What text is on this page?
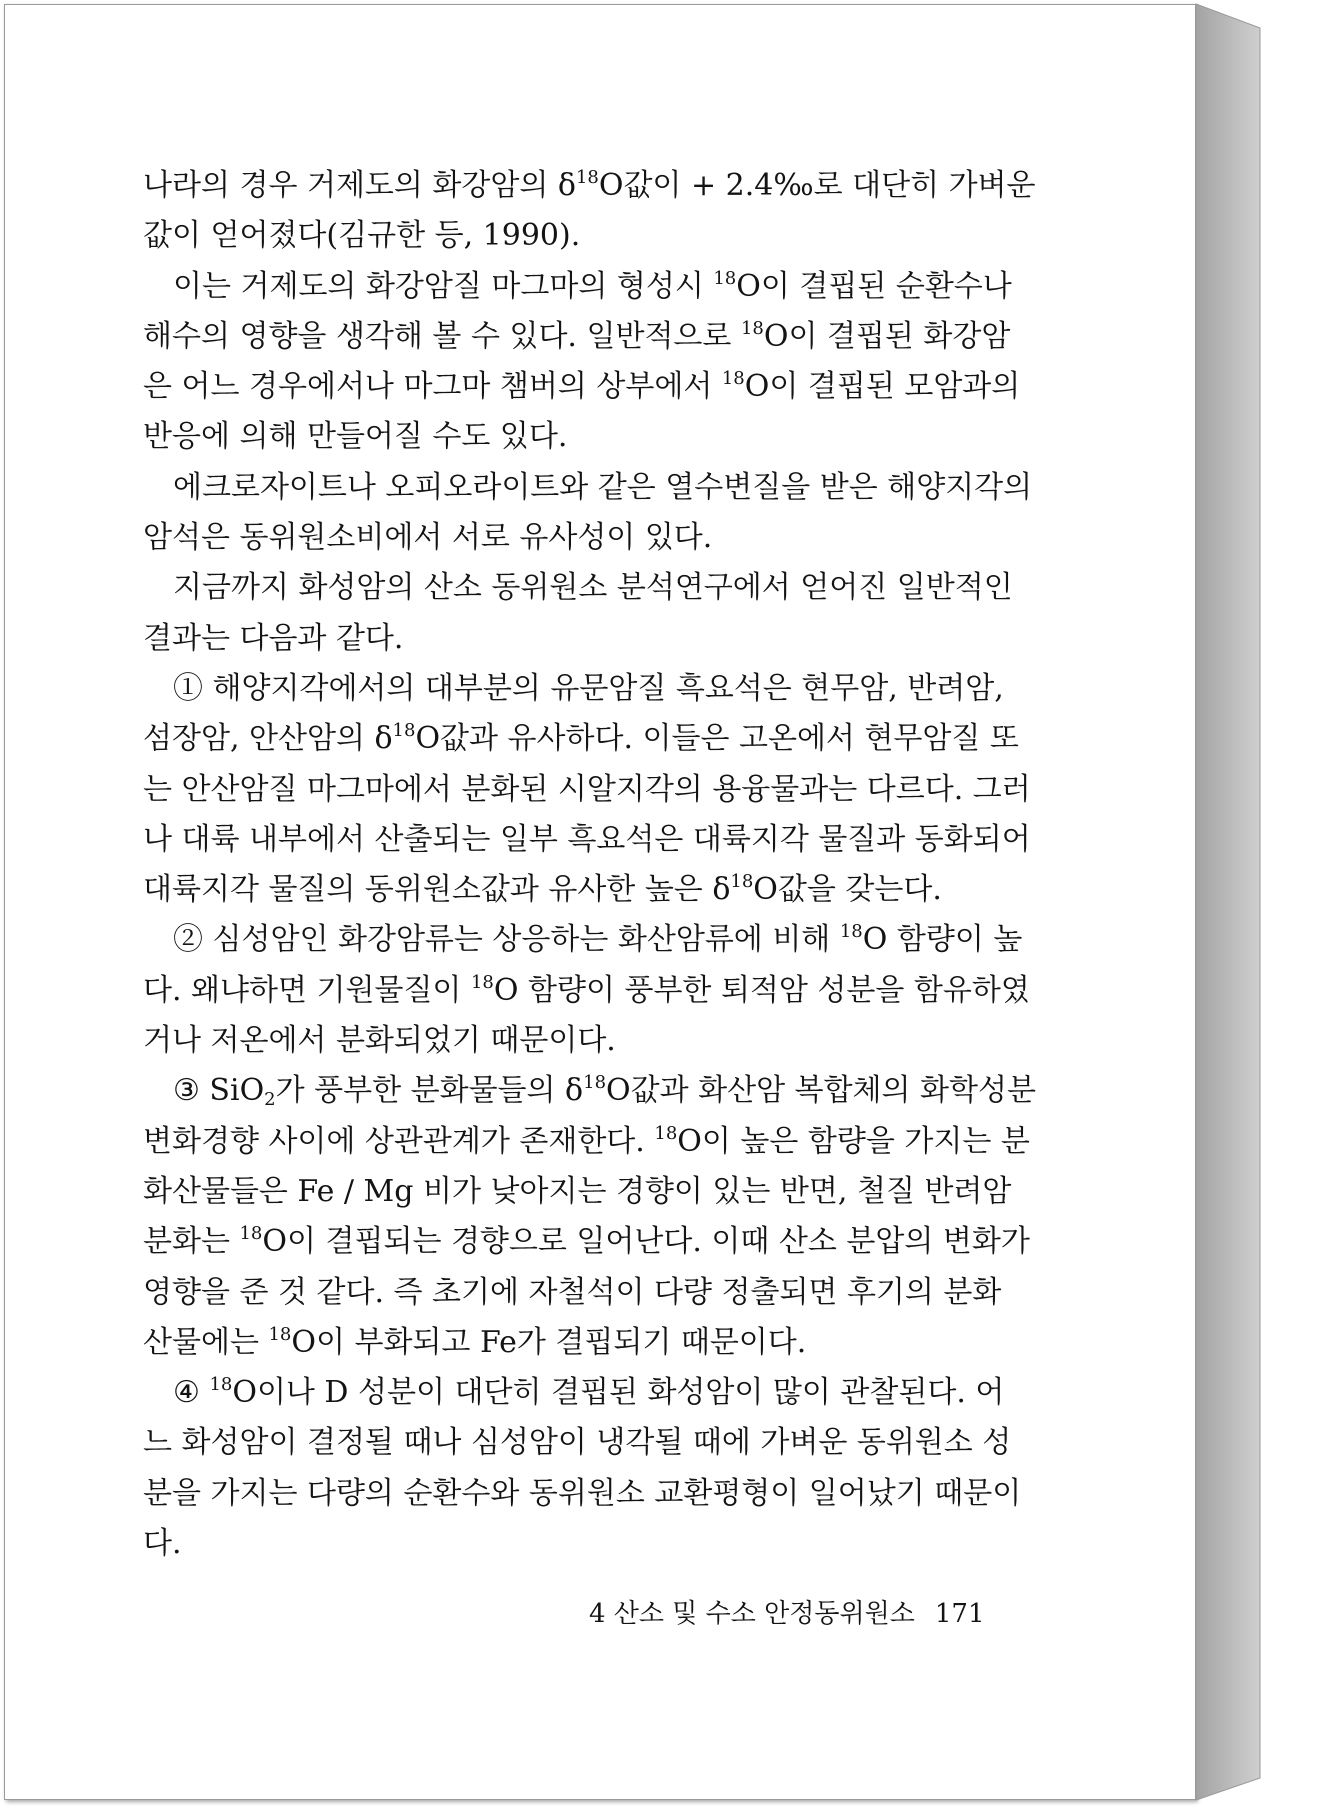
나라의 경우 거제도의 화강암의 $\delta^{18}O$값이 + 2.4‰로 대단히 가벼운
값이 얻어졌다(김규한 등, 1990).
이는 거제도의 화강암질 마그마의 형성시 $^{18}$O이 결핍된 순환수나
해수의 영향을 생각해 볼 수 있다. 일반적으로 $^{18}$O이 결핍된 화강암
은 어느 경우에서나 마그마 챔버의 상부에서 $^{18}$O이 결핍된 모암과의
반응에 의해 만들어질 수도 있다.
에크로자이트나 오피오라이트와 같은 열수변질을 받은 해양지각의
암석은 동위원소비에서 서로 유사성이 있다.
지금까지 화성암의 산소 동위원소 분석연구에서 얻어진 일반적인
결과는 다음과 같다.
① 해양지각에서의 대부분의 유문암질 흑요석은 현무암, 반려암,
섬장암, 안산암의 $\delta^{18}O$값과 유사하다. 이들은 고온에서 현무암질 또
는 안산암질 마그마에서 분화된 시알지각의 용융물과는 다르다. 그러
나 대륙 내부에서 산출되는 일부 흑요석은 대륙지각 물질과 동화되어
대륙지각 물질의 동위원소값과 유사한 높은 $\delta^{18}O$값을 갖는다.
② 심성암인 화강암류는 상응하는 화산암류에 비해 $^{18}$O 함량이 높
다. 왜냐하면 기원물질이 $^{18}$O 함량이 풍부한 퇴적암 성분을 함유하였
거나 저온에서 분화되었기 때문이다.
③ SiO$_2$가 풍부한 분화물들의 $\delta^{18}O$값과 화산암 복합체의 화학성분
변화경향 사이에 상관관계가 존재한다. $^{18}$O이 높은 함량을 가지는 분
화산물들은 Fe / Mg 비가 낮아지는 경향이 있는 반면, 철질 반려암
분화는 $^{18}$O이 결핍되는 경향으로 일어난다. 이때 산소 분압의 변화가
영향을 준 것 같다. 즉 초기에 자철석이 다량 정출되면 후기의 분화
산물에는 $^{18}$O이 부화되고 Fe가 결핍되기 때문이다.
④ $^{18}$O이나 D 성분이 대단히 결핍된 화성암이 많이 관찰된다. 어
느 화성암이 결정될 때나 심성암이 냉각될 때에 가벼운 동위원소 성
분을 가지는 다량의 순환수와 동위원소 교환평형이 일어났기 때문이
다.

4 산소 및 수소 안정동위원소 171
